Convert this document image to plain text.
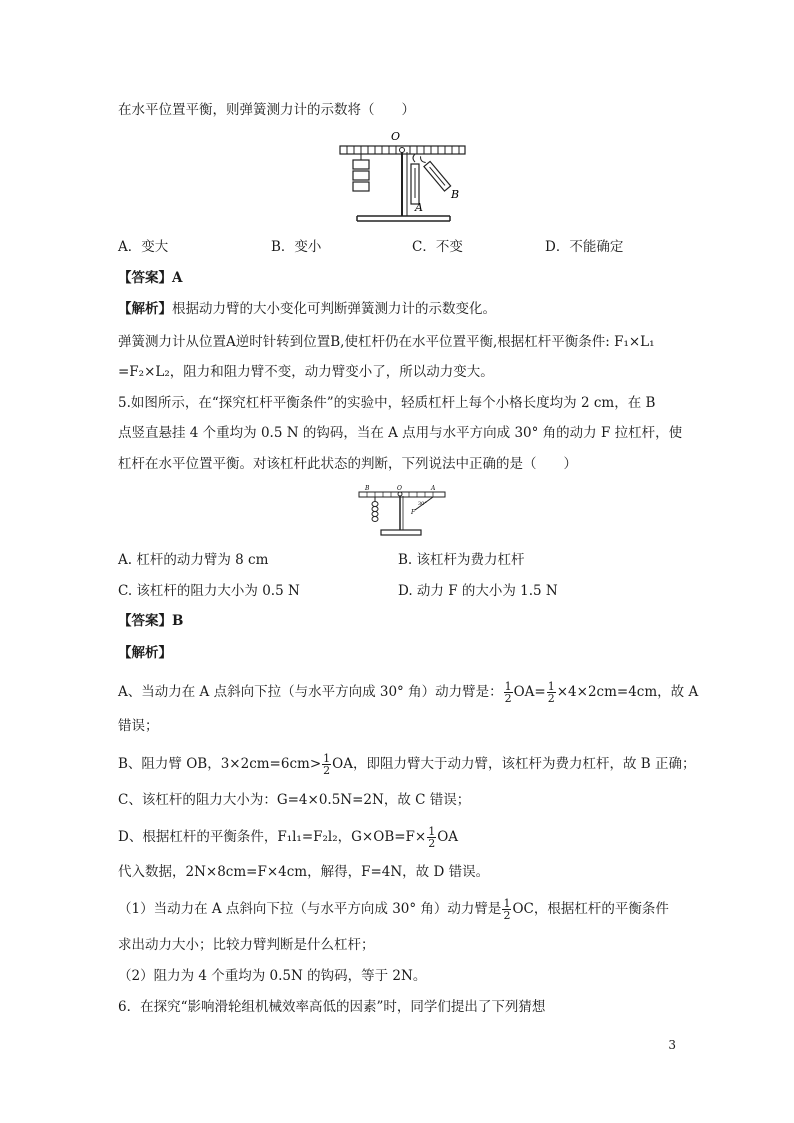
在水平位置平衡，则弹簧测力计的示数将（　　）
O
A
B
A．变大	B．变小	C．不变	D．不能确定
【答案】A
【解析】根据动力臂的大小变化可判断弹簧测力计的示数变化。
弹簧测力计从位置A逆时针转到位置B,使杠杆仍在水平位置平衡,根据杠杆平衡条件: F₁×L₁
=F₂×L₂，阻力和阻力臂不变，动力臂变小了，所以动力变大。
5.如图所示，在“探究杠杆平衡条件”的实验中，轻质杠杆上每个小格长度均为 2 cm，在 B
点竖直悬挂 4 个重均为 0.5 N 的钩码，当在 A 点用与水平方向成 30° 角的动力 F 拉杠杆，使
杠杆在水平位置平衡。对该杠杆此状态的判断，下列说法中正确的是（　　）
B	O	A
F
30°
A. 杠杆的动力臂为 8 cm	B. 该杠杆为费力杠杆
C. 该杠杆的阻力大小为 0.5 N	D. 动力 F 的大小为 1.5 N
【答案】B
【解析】
A、当动力在 A 点斜向下拉（与水平方向成 30° 角）动力臂是： $\frac{1}{2} OA= \frac{1}{2} \times 4\times 2cm=4cm$，故 A
错误；
B、阻力臂 OB，$3\times 2cm=6cm> \frac{1}{2}$ OA，即阻力臂大于动力臂，该杠杆为费力杠杆，故 B 正确；
C、该杠杆的阻力大小为：G=4×0.5N=2N，故 C 错误；
D、根据杠杆的平衡条件，F₁l₁=F₂l₂，$G\times OB=F\times \frac{1}{2}$ OA
代入数据，2N×8cm=F×4cm，解得，F=4N，故 D 错误。
（1）当动力在 A 点斜向下拉（与水平方向成 30° 角）动力臂是 $\frac{1}{2}$ OC，根据杠杆的平衡条件
求出动力大小；比较力臂判断是什么杠杆；
（2）阻力为 4 个重均为 0.5N 的钩码，等于 2N。
6．在探究“影响滑轮组机械效率高低的因素”时，同学们提出了下列猜想
3
